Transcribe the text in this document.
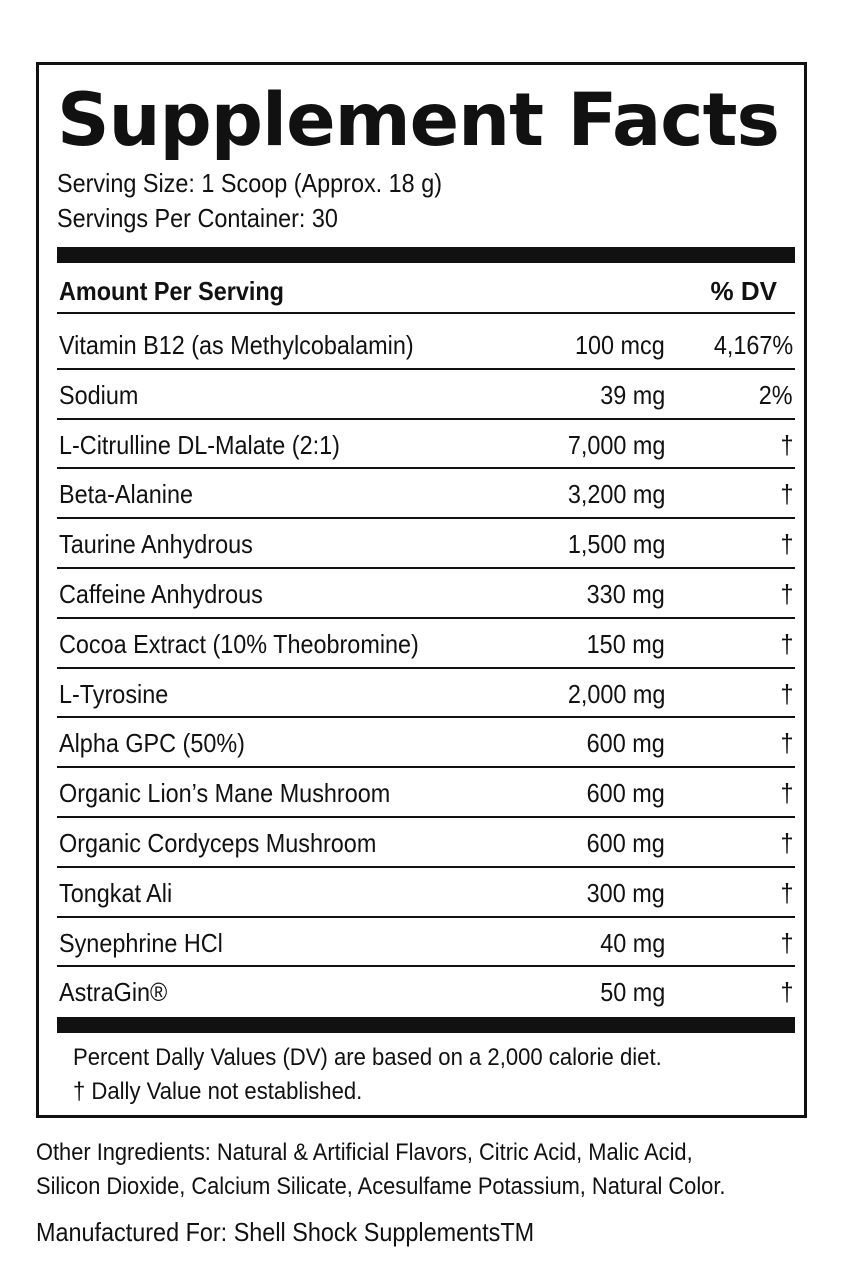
Supplement Facts
Serving Size: 1 Scoop (Approx. 18 g)
Servings Per Container: 30
Amount Per Serving	% DV
Vitamin B12 (as Methylcobalamin)	100 mcg 4,167%
Sodium	39 mg	2%
L-Citrulline DL-Malate (2:1)	7,000 mg	†
Beta-Alanine	3,200 mg	†
Taurine Anhydrous	1,500 mg	†
Caffeine Anhydrous	330 mg	†
Cocoa Extract (10% Theobromine)	150 mg	†
L-Tyrosine	2,000 mg	†
Alpha GPC (50%)	600 mg	†
Organic Lion’s Mane Mushroom	600 mg	†
Organic Cordyceps Mushroom	600 mg	†
Tongkat Ali	300 mg	†
Synephrine HCl	40 mg	†
AstraGin®	50 mg	†
Percent Dally Values (DV) are based on a 2,000 calorie diet.
† Dally Value not established.
Other Ingredients: Natural & Artificial Flavors, Citric Acid, Malic Acid,
Silicon Dioxide, Calcium Silicate, Acesulfame Potassium, Natural Color.
Manufactured For: Shell Shock SupplementsTM
